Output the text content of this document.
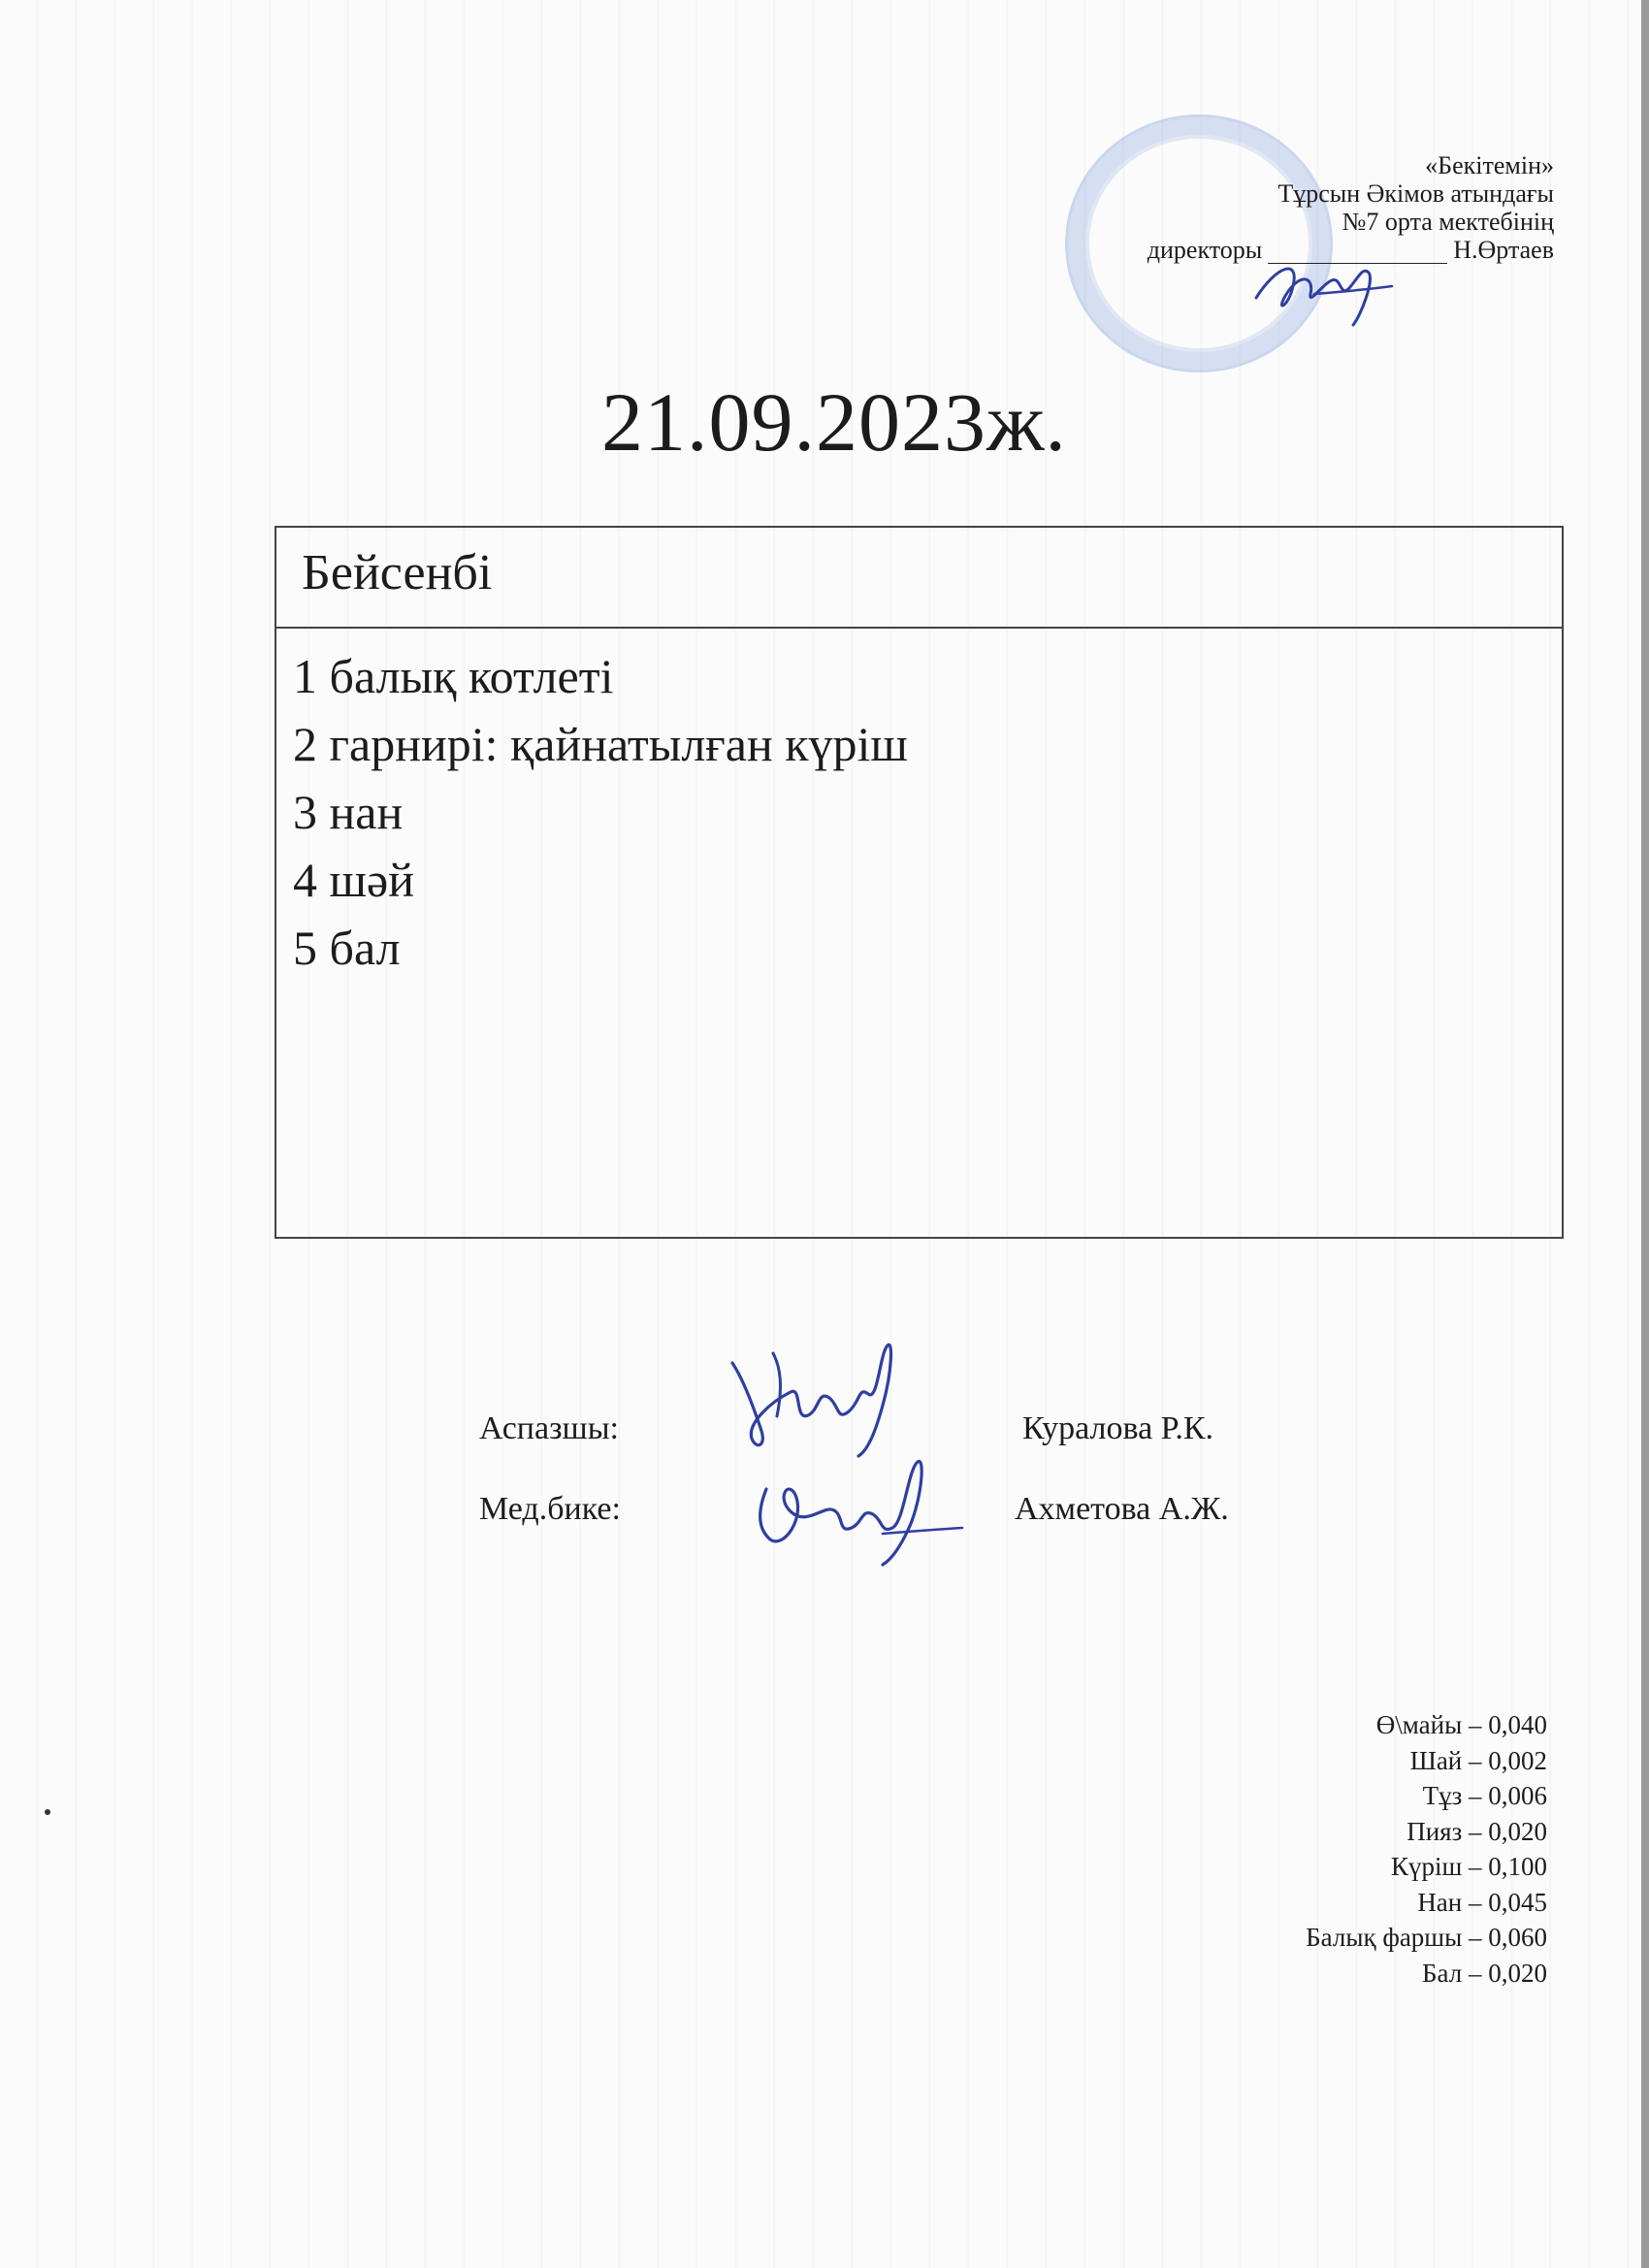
«Бекітемін»
Тұрсын Әкімов атындағы
№7 орта мектебінің
директоры	Н.Өртаев
21.09.2023ж.
Бейсенбі
1 балық котлеті
2 гарнирі: қайнатылған күріш
3 нан
4 шәй
5 бал
Аспазшы:	Куралова Р.К.
Мед.бике:	Ахметова А.Ж.
Ө\майы – 0,040
Шай – 0,002
Тұз – 0,006
Пияз – 0,020
Күріш – 0,100
Нан – 0,045
Балық фаршы – 0,060
Бал – 0,020
